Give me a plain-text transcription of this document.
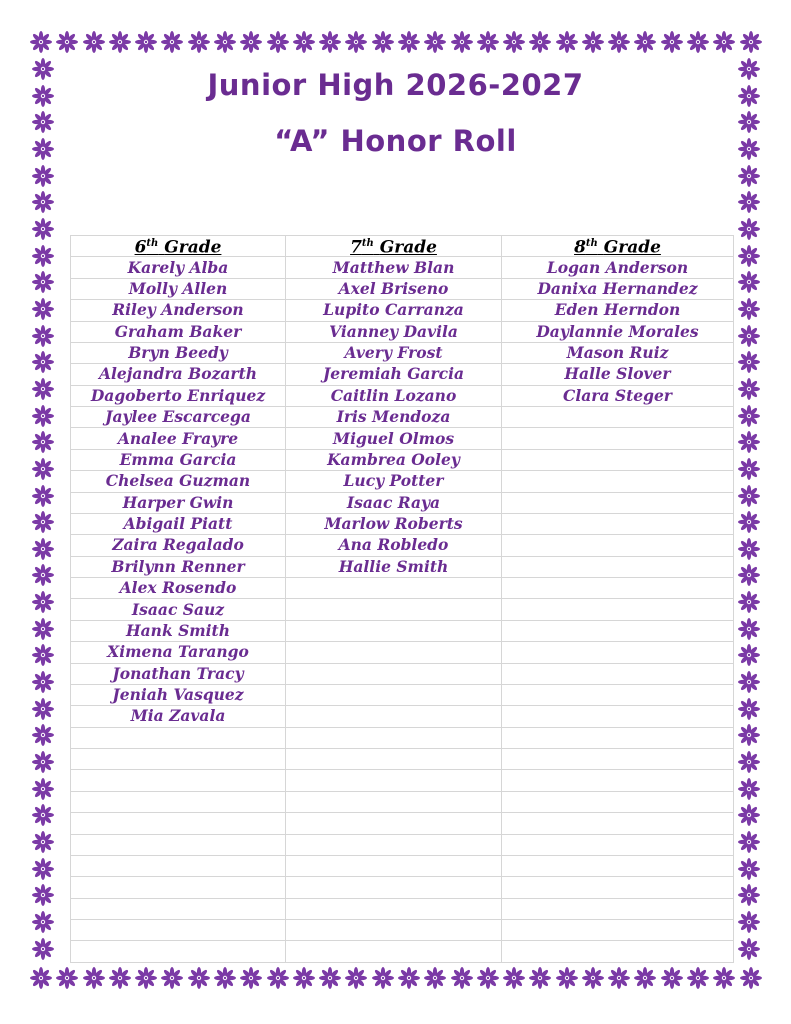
Junior High 2026-2027
“A” Honor Roll
6th Grade	7th Grade	8th Grade
Karely Alba	Matthew Blan	Logan Anderson
Molly Allen	Axel Briseno	Danixa Hernandez
Riley Anderson	Lupito Carranza	Eden Herndon
Graham Baker	Vianney Davila	Daylannie Morales
Bryn Beedy	Avery Frost	Mason Ruiz
Alejandra Bozarth	Jeremiah Garcia	Halle Slover
Dagoberto Enriquez	Caitlin Lozano	Clara Steger
Jaylee Escarcega	Iris Mendoza	
Analee Frayre	Miguel Olmos	
Emma Garcia	Kambrea Ooley	
Chelsea Guzman	Lucy Potter	
Harper Gwin	Isaac Raya	
Abigail Piatt	Marlow Roberts	
Zaira Regalado	Ana Robledo	
Brilynn Renner	Hallie Smith	
Alex Rosendo		
Isaac Sauz		
Hank Smith		
Ximena Tarango		
Jonathan Tracy		
Jeniah Vasquez		
Mia Zavala		
